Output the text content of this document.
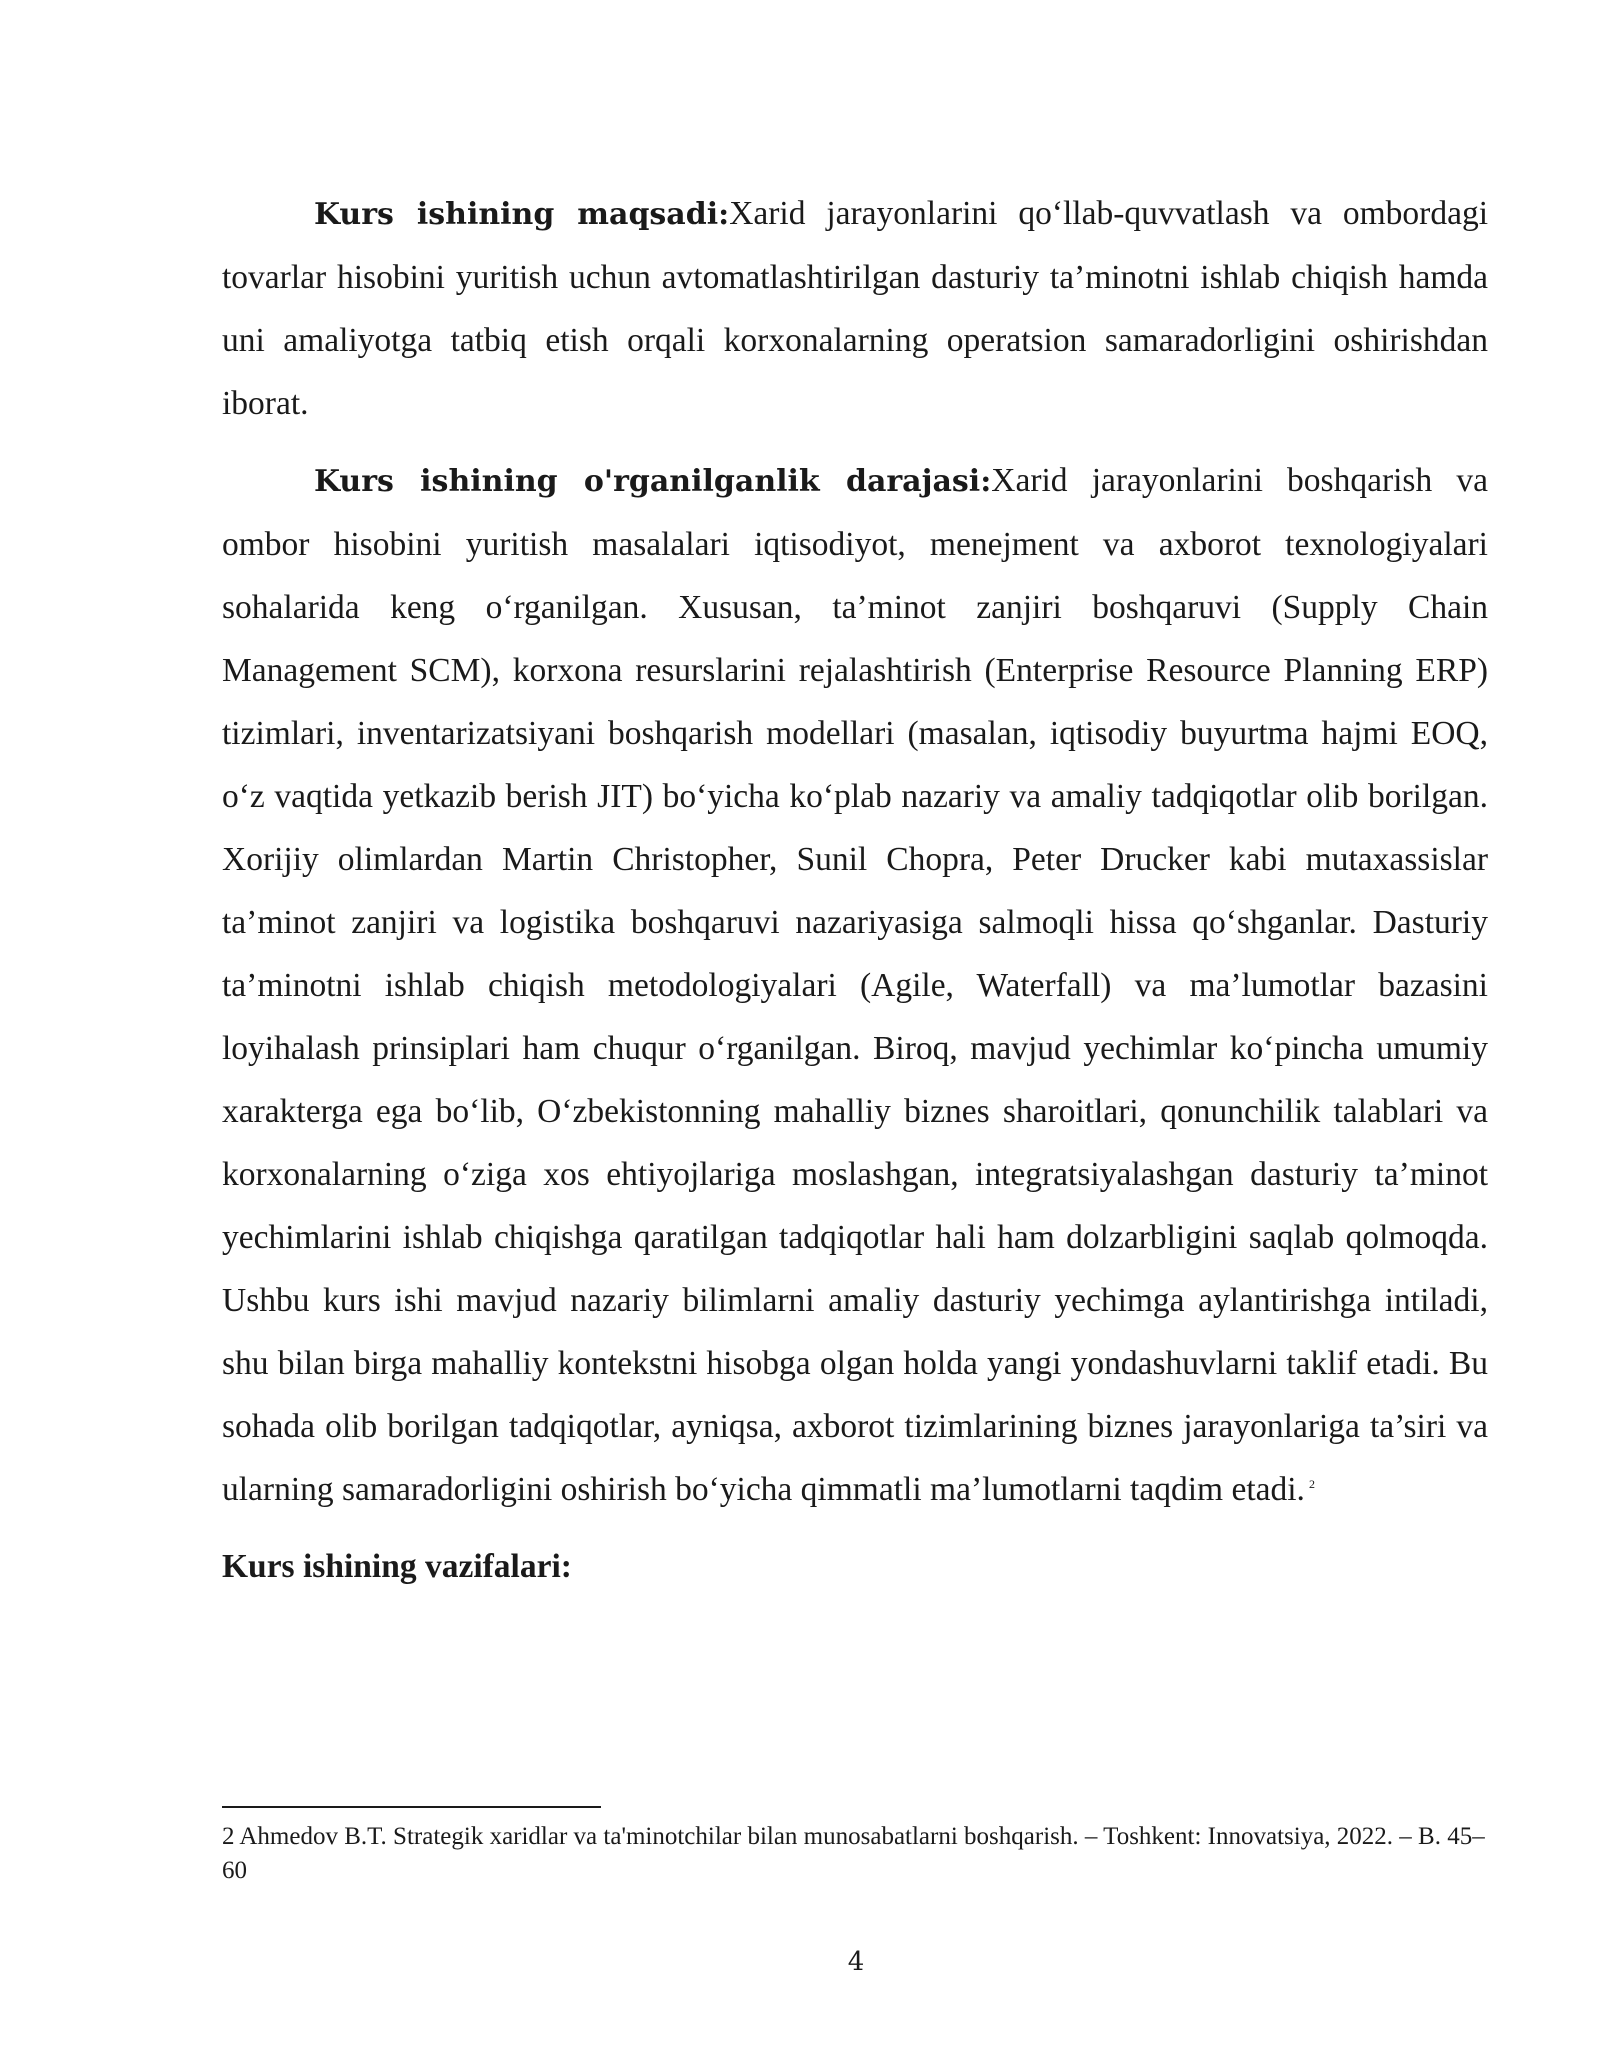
Kurs ishining maqsadi:Xarid jarayonlarini qo‘llab-quvvatlash va ombordagi tovarlar hisobini yuritish uchun avtomatlashtirilgan dasturiy ta’minotni ishlab chiqish hamda uni amaliyotga tatbiq etish orqali korxonalarning operatsion samaradorligini oshirishdan iborat.

Kurs ishining o'rganilganlik darajasi:Xarid jarayonlarini boshqarish va ombor hisobini yuritish masalalari iqtisodiyot, menejment va axborot texnologiyalari sohalarida keng o‘rganilgan. Xususan, ta’minot zanjiri boshqaruvi (Supply Chain Management SCM), korxona resurslarini rejalashtirish (Enterprise Resource Planning ERP) tizimlari, inventarizatsiyani boshqarish modellari (masalan, iqtisodiy buyurtma hajmi EOQ, o‘z vaqtida yetkazib berish JIT) bo‘yicha ko‘plab nazariy va amaliy tadqiqotlar olib borilgan. Xorijiy olimlardan Martin Christopher, Sunil Chopra, Peter Drucker kabi mutaxassislar ta’minot zanjiri va logistika boshqaruvi nazariyasiga salmoqli hissa qo‘shganlar. Dasturiy ta’minotni ishlab chiqish metodologiyalari (Agile, Waterfall) va ma’lumotlar bazasini loyihalash prinsiplari ham chuqur o‘rganilgan. Biroq, mavjud yechimlar ko‘pincha umumiy xarakterga ega bo‘lib, O‘zbekistonning mahalliy biznes sharoitlari, qonunchilik talablari va korxonalarning o‘ziga xos ehtiyojlariga moslashgan, integratsiyalashgan dasturiy ta’minot yechimlarini ishlab chiqishga qaratilgan tadqiqotlar hali ham dolzarbligini saqlab qolmoqda. Ushbu kurs ishi mavjud nazariy bilimlarni amaliy dasturiy yechimga aylantirishga intiladi, shu bilan birga mahalliy kontekstni hisobga olgan holda yangi yondashuvlarni taklif etadi. Bu sohada olib borilgan tadqiqotlar, ayniqsa, axborot tizimlarining biznes jarayonlariga ta’siri va ularning samaradorligini oshirish bo‘yicha qimmatli ma’lumotlarni taqdim etadi. $^2$

Kurs ishining vazifalari:

2 Ahmedov B.T. Strategik xaridlar va ta'minotchilar bilan munosabatlarni boshqarish. – Toshkent: Innovatsiya, 2022. – B. 45–60
4
